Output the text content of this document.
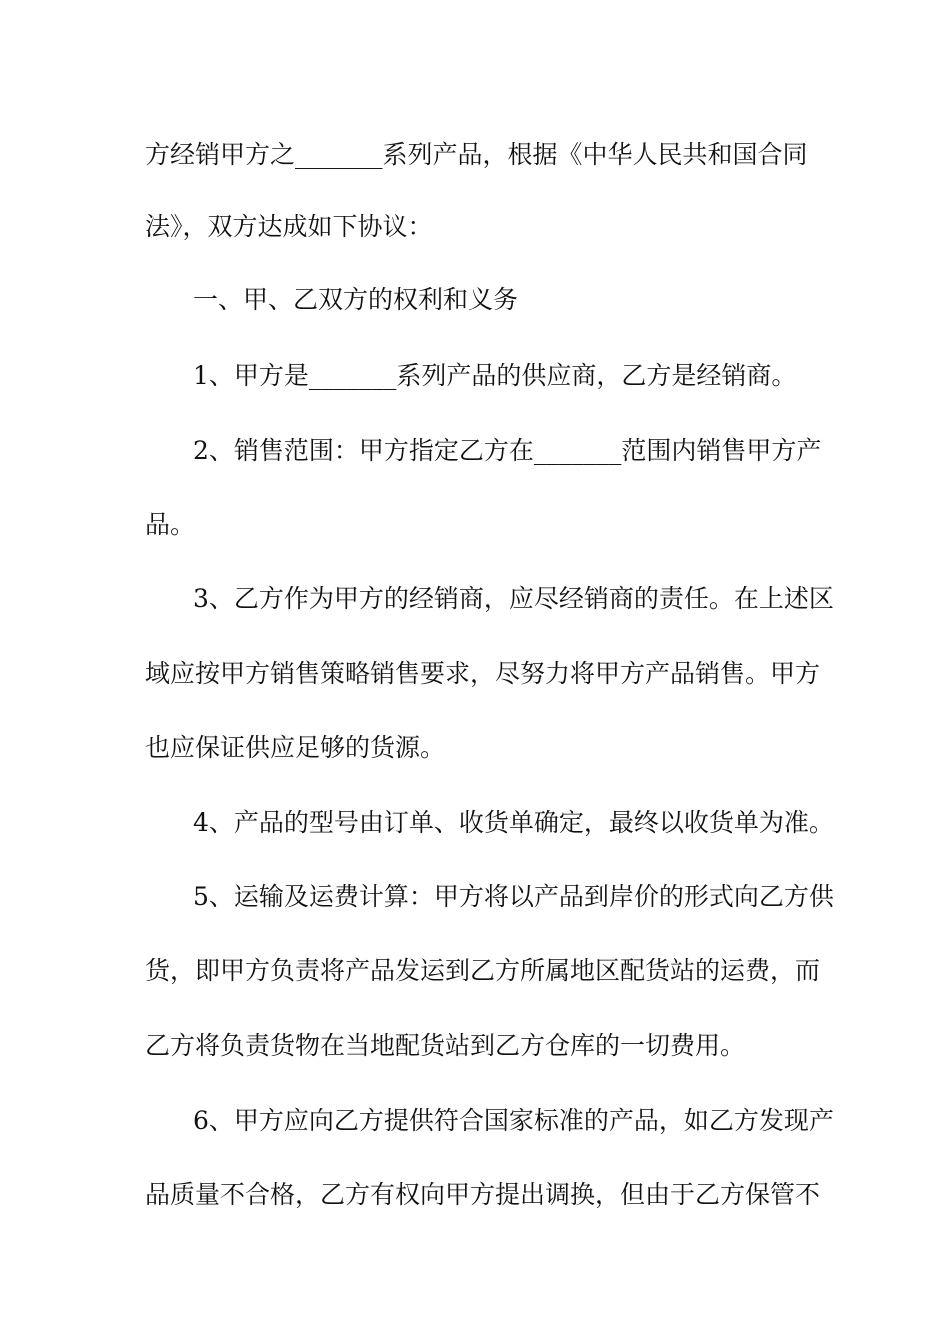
方经销甲方之_______系列产品，根据《中华人民共和国合同
法》，双方达成如下协议：
一、甲、乙双方的权利和义务
1、甲方是_______系列产品的供应商，乙方是经销商。
2、销售范围：甲方指定乙方在_______范围内销售甲方产
品。
3、乙方作为甲方的经销商，应尽经销商的责任。在上述区
域应按甲方销售策略销售要求，尽努力将甲方产品销售。甲方
也应保证供应足够的货源。
4、产品的型号由订单、收货单确定，最终以收货单为准。
5、运输及运费计算：甲方将以产品到岸价的形式向乙方供
货，即甲方负责将产品发运到乙方所属地区配货站的运费，而
乙方将负责货物在当地配货站到乙方仓库的一切费用。
6、甲方应向乙方提供符合国家标准的产品，如乙方发现产
品质量不合格，乙方有权向甲方提出调换，但由于乙方保管不
